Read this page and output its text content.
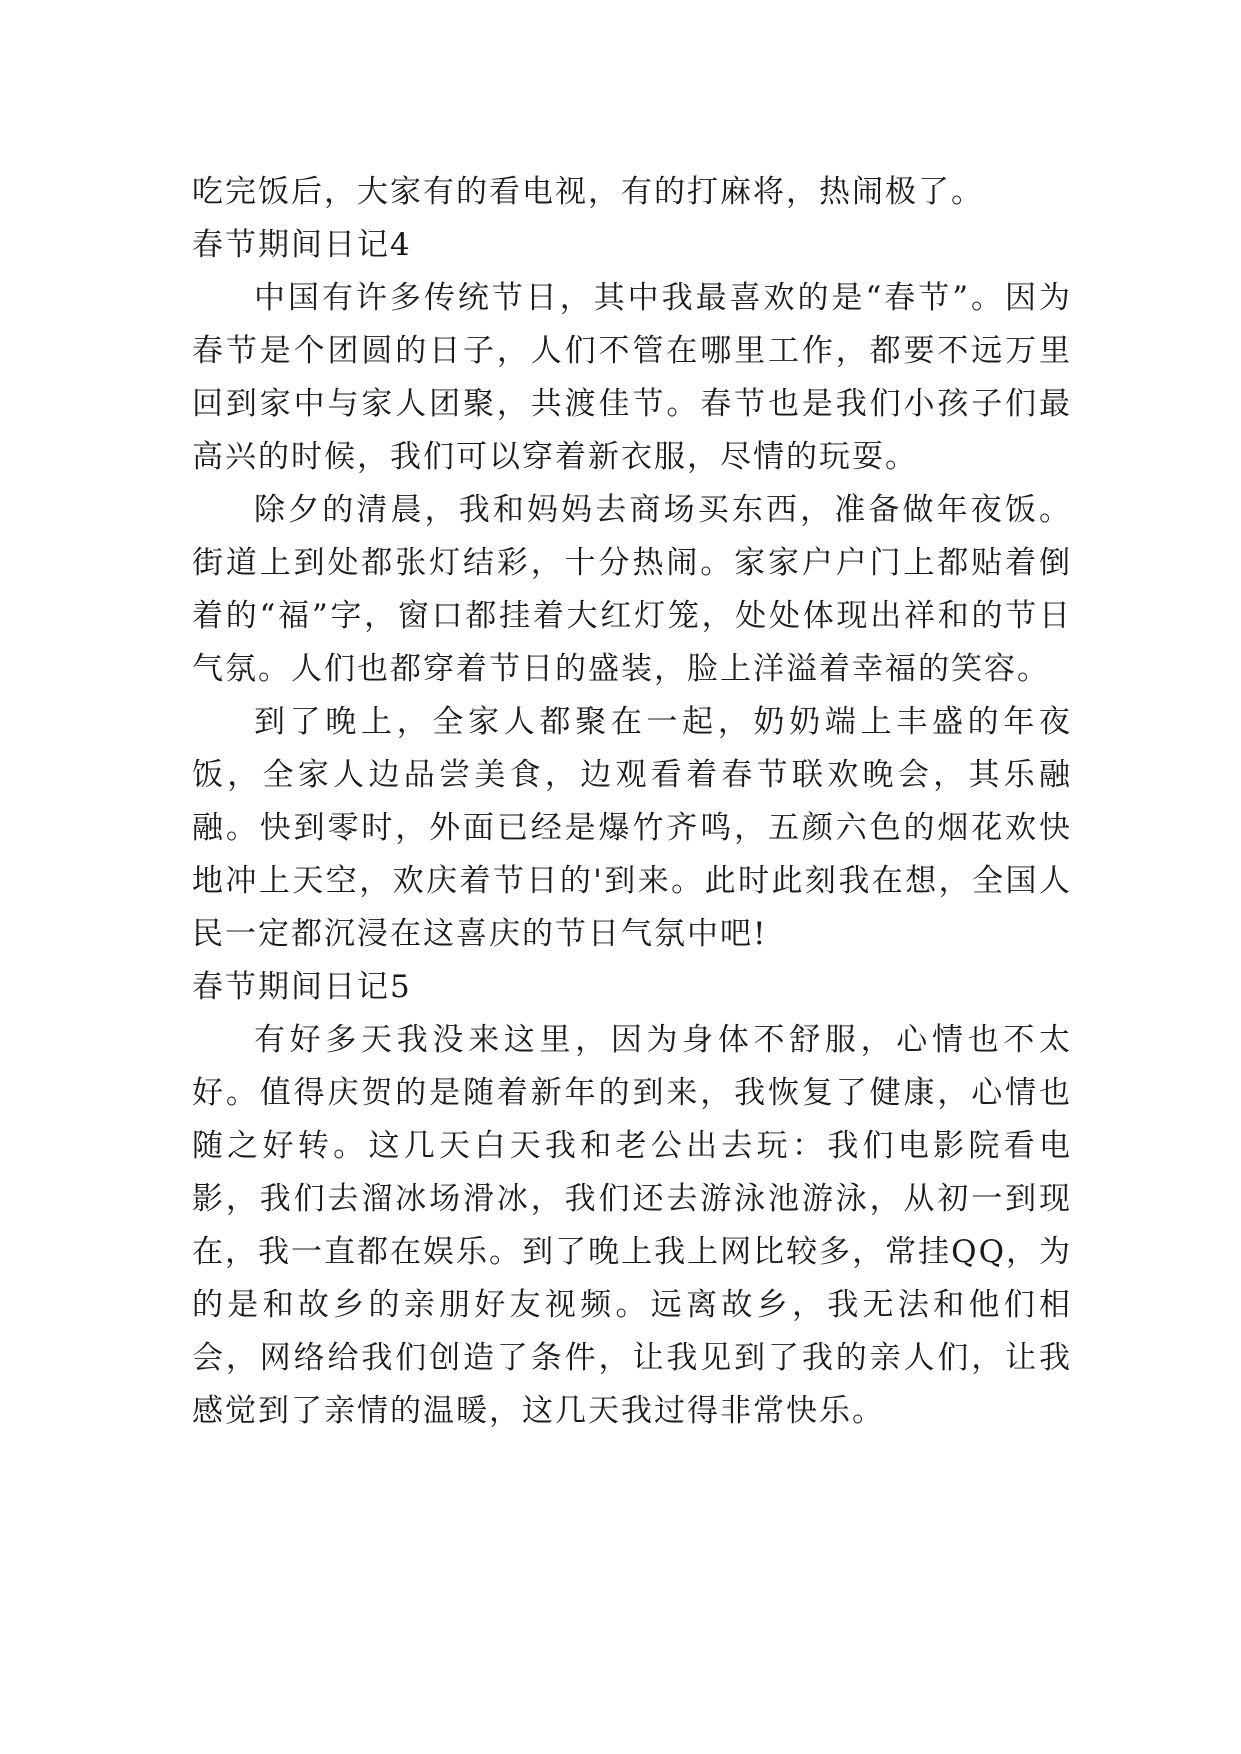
吃完饭后，大家有的看电视，有的打麻将，热闹极了。

春节期间日记4

中国有许多传统节日，其中我最喜欢的是“春节”。因为春节是个团圆的日子，人们不管在哪里工作，都要不远万里回到家中与家人团聚，共渡佳节。春节也是我们小孩子们最高兴的时候，我们可以穿着新衣服，尽情的玩耍。

除夕的清晨，我和妈妈去商场买东西，准备做年夜饭。街道上到处都张灯结彩，十分热闹。家家户户门上都贴着倒着的“福”字，窗口都挂着大红灯笼，处处体现出祥和的节日气氛。人们也都穿着节日的盛装，脸上洋溢着幸福的笑容。

到了晚上，全家人都聚在一起，奶奶端上丰盛的年夜饭，全家人边品尝美食，边观看着春节联欢晚会，其乐融融。快到零时，外面已经是爆竹齐鸣，五颜六色的烟花欢快地冲上天空，欢庆着节日的'到来。此时此刻我在想，全国人民一定都沉浸在这喜庆的节日气氛中吧!

春节期间日记5

有好多天我没来这里，因为身体不舒服，心情也不太好。值得庆贺的是随着新年的到来，我恢复了健康，心情也随之好转。这几天白天我和老公出去玩：我们电影院看电影，我们去溜冰场滑冰，我们还去游泳池游泳，从初一到现在，我一直都在娱乐。到了晚上我上网比较多，常挂QQ，为的是和故乡的亲朋好友视频。远离故乡，我无法和他们相会，网络给我们创造了条件，让我见到了我的亲人们，让我感觉到了亲情的温暖，这几天我过得非常快乐。
